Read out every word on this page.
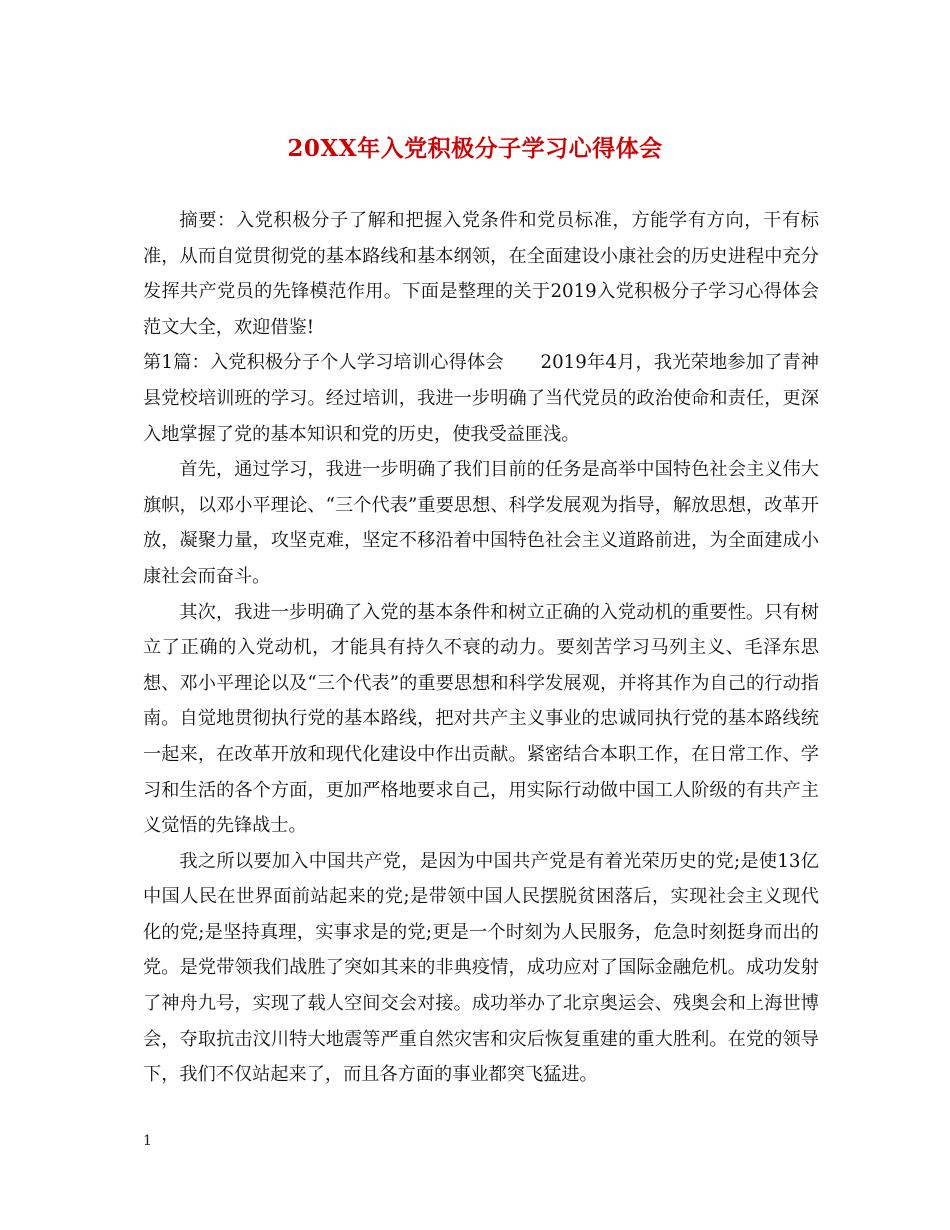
20XX年入党积极分子学习心得体会

摘要：入党积极分子了解和把握入党条件和党员标准，方能学有方向，干有标准，从而自觉贯彻党的基本路线和基本纲领，在全面建设小康社会的历史进程中充分发挥共产党员的先锋模范作用。下面是整理的关于2019入党积极分子学习心得体会范文大全，欢迎借鉴!

第1篇：入党积极分子个人学习培训心得体会　　2019年4月，我光荣地参加了青神县党校培训班的学习。经过培训，我进一步明确了当代党员的政治使命和责任，更深入地掌握了党的基本知识和党的历史，使我受益匪浅。

首先，通过学习，我进一步明确了我们目前的任务是高举中国特色社会主义伟大旗帜，以邓小平理论、“三个代表”重要思想、科学发展观为指导，解放思想，改革开放，凝聚力量，攻坚克难，坚定不移沿着中国特色社会主义道路前进，为全面建成小康社会而奋斗。

其次，我进一步明确了入党的基本条件和树立正确的入党动机的重要性。只有树立了正确的入党动机，才能具有持久不衰的动力。要刻苦学习马列主义、毛泽东思想、邓小平理论以及“三个代表”的重要思想和科学发展观，并将其作为自己的行动指南。自觉地贯彻执行党的基本路线，把对共产主义事业的忠诚同执行党的基本路线统一起来，在改革开放和现代化建设中作出贡献。紧密结合本职工作，在日常工作、学习和生活的各个方面，更加严格地要求自己，用实际行动做中国工人阶级的有共产主义觉悟的先锋战士。

我之所以要加入中国共产党，是因为中国共产党是有着光荣历史的党;是使13亿中国人民在世界面前站起来的党;是带领中国人民摆脱贫困落后，实现社会主义现代化的党;是坚持真理，实事求是的党;更是一个时刻为人民服务，危急时刻挺身而出的党。是党带领我们战胜了突如其来的非典疫情，成功应对了国际金融危机。成功发射了神舟九号，实现了载人空间交会对接。成功举办了北京奥运会、残奥会和上海世博会，夺取抗击汶川特大地震等严重自然灾害和灾后恢复重建的重大胜利。在党的领导下，我们不仅站起来了，而且各方面的事业都突飞猛进。

1
